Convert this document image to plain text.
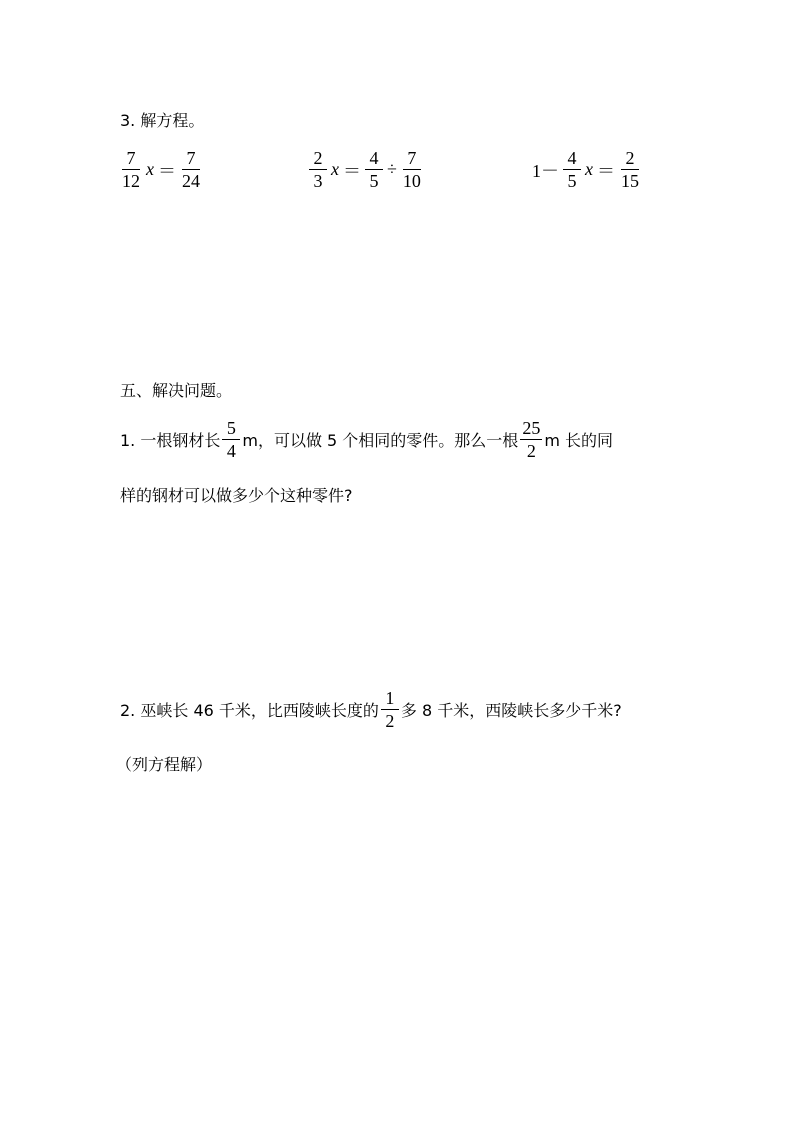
3. 解方程。
$\frac{7}{12}$ $x = \frac{7}{24}$	$\frac{2}{3}$ $x = \frac{4}{5} \div \frac{7}{10}$	$1- \frac{4}{5}$ $x = \frac{2}{15}$
五、解决问题。
1. 一根钢材长 $\frac{5}{4}$ m，可以做 5 个相同的零件。那么一根 $\frac{25}{2}$ m 长的同
样的钢材可以做多少个这种零件?
2. 巫峡长 46 千米，比西陵峡长度的 $\frac{1}{2}$ 多 8 千米，西陵峡长多少千米?
（列方程解）
